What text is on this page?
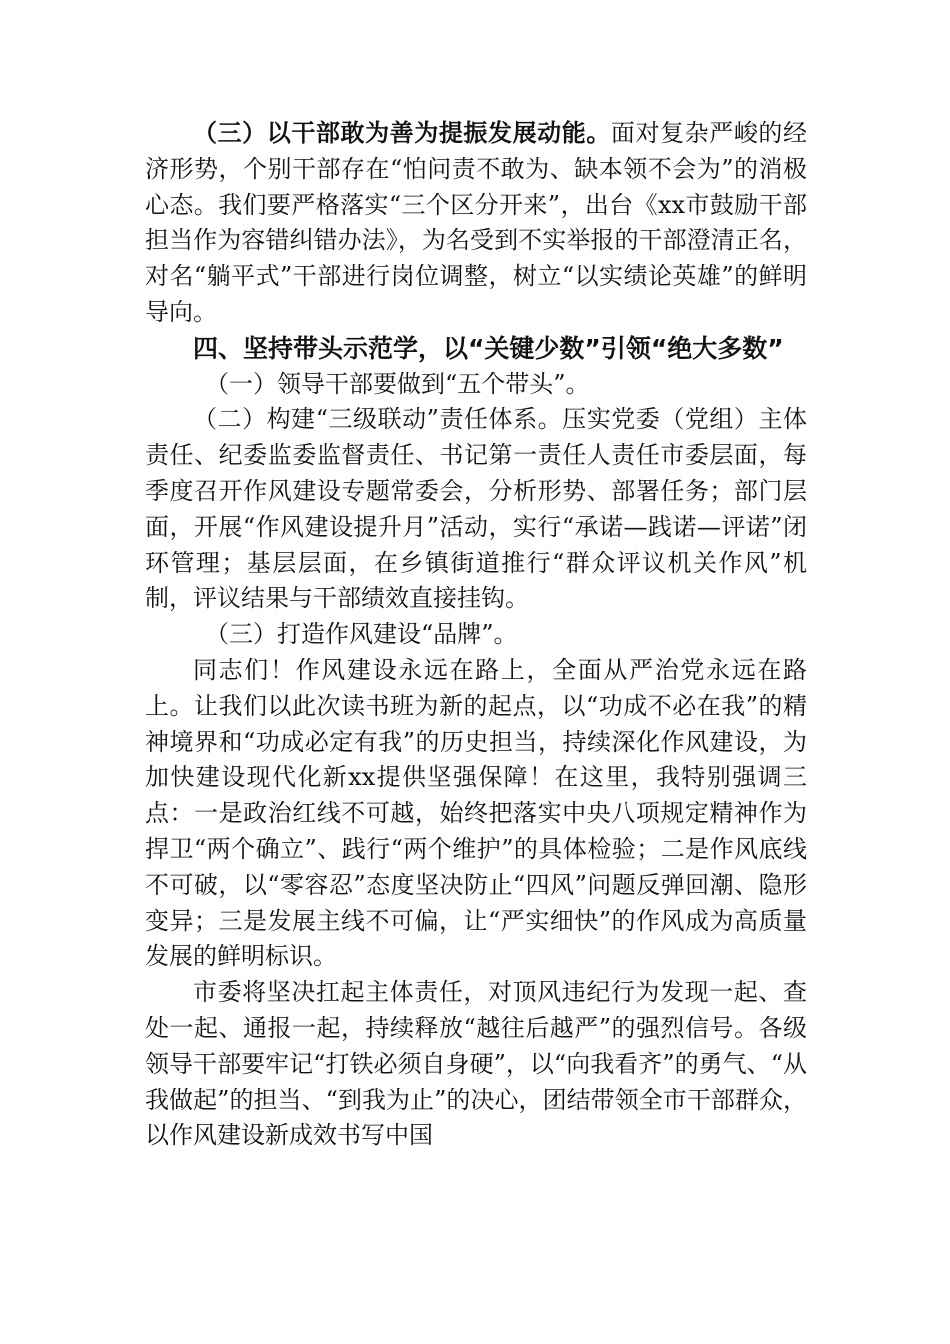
（三）以干部敢为善为提振发展动能。面对复杂严峻的经济形势，个别干部存在“怕问责不敢为、缺本领不会为”的消极心态。我们要严格落实“三个区分开来”，出台《xx市鼓励干部担当作为容错纠错办法》，为名受到不实举报的干部澄清正名，对名“躺平式”干部进行岗位调整，树立“以实绩论英雄”的鲜明导向。

四、坚持带头示范学，以“关键少数”引领“绝大多数”

（一）领导干部要做到“五个带头”。

（二）构建“三级联动”责任体系。压实党委（党组）主体责任、纪委监委监督责任、书记第一责任人责任市委层面，每季度召开作风建设专题常委会，分析形势、部署任务；部门层面，开展“作风建设提升月”活动，实行“承诺—践诺—评诺”闭环管理；基层层面，在乡镇街道推行“群众评议机关作风”机制，评议结果与干部绩效直接挂钩。

（三）打造作风建设“品牌”。

同志们！作风建设永远在路上，全面从严治党永远在路上。让我们以此次读书班为新的起点，以“功成不必在我”的精神境界和“功成必定有我”的历史担当，持续深化作风建设，为加快建设现代化新xx提供坚强保障！在这里，我特别强调三点：一是政治红线不可越，始终把落实中央八项规定精神作为捍卫“两个确立”、践行“两个维护”的具体检验；二是作风底线不可破，以“零容忍”态度坚决防止“四风”问题反弹回潮、隐形变异；三是发展主线不可偏，让“严实细快”的作风成为高质量发展的鲜明标识。

市委将坚决扛起主体责任，对顶风违纪行为发现一起、查处一起、通报一起，持续释放“越往后越严”的强烈信号。各级领导干部要牢记“打铁必须自身硬”，以“向我看齐”的勇气、“从我做起”的担当、“到我为止”的决心，团结带领全市干部群众，以作风建设新成效书写中国
